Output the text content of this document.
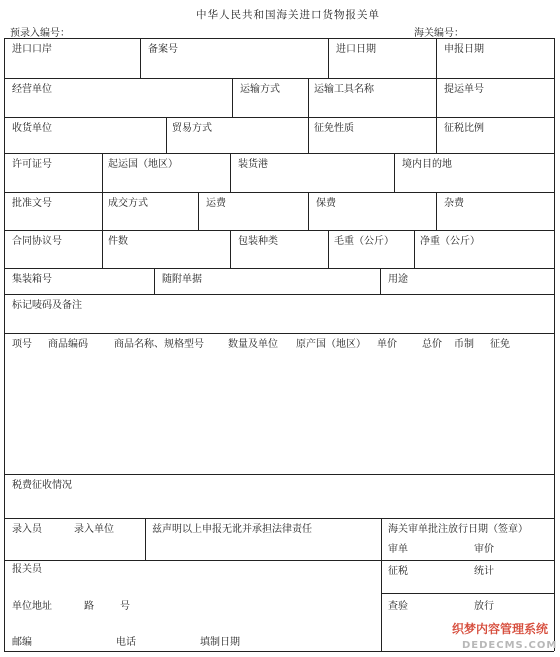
中华人民共和国海关进口货物报关单
预录入编号：	海关编号：
进口口岸	备案号	进口日期	申报日期
经营单位	运输方式	运输工具名称	提运单号
收货单位	贸易方式	征免性质	征税比例
许可证号	起运国（地区）	装货港	境内目的地
批准文号	成交方式	运费	保费	杂费
合同协议号	件数	包装种类	毛重（公斤）	净重（公斤）
集装箱号	随附单据	用途
标记唛码及备注
项号 商品编码	商品名称、规格型号 数量及单位 原产国（地区） 单价	总价 币制 征免
税费征收情况
录入员	录入单位	兹声明以上申报无讹并承担法律责任	海关审单批注放行日期（签章）
审单	审价
报关员	征税	统计
单位地址	路	号	查验	放行
邮编	电话	填制日期
织梦内容管理系统
DEDECMS.COM
